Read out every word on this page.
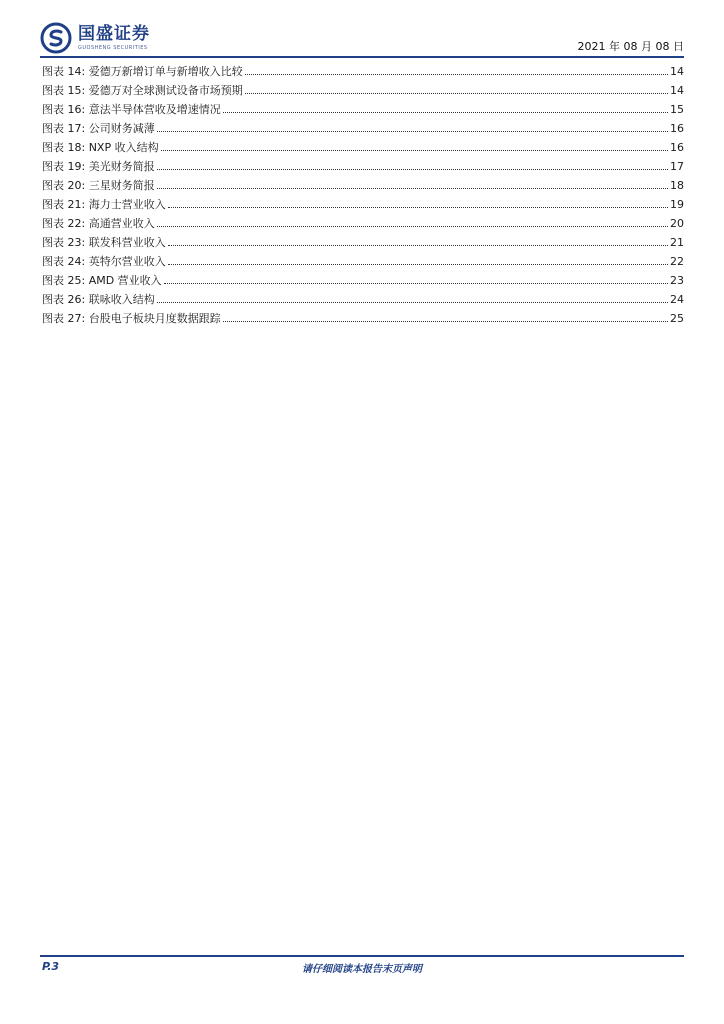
国盛证券
GUOSHENG SECURITIES	2021 年 08 月 08 日
图表 14: 爱德万新增订单与新增收入比较	14
图表 15: 爱德万对全球测试设备市场预期	14
图表 16: 意法半导体营收及增速情况	15
图表 17: 公司财务减薄	16
图表 18: NXP 收入结构	16
图表 19: 美光财务简报	17
图表 20: 三星财务简报	18
图表 21: 海力士营业收入	19
图表 22: 高通营业收入	20
图表 23: 联发科营业收入	21
图表 24: 英特尔营业收入	22
图表 25: AMD 营业收入	23
图表 26: 联咏收入结构	24
图表 27: 台股电子板块月度数据跟踪	25
P.3	请仔细阅读本报告末页声明
